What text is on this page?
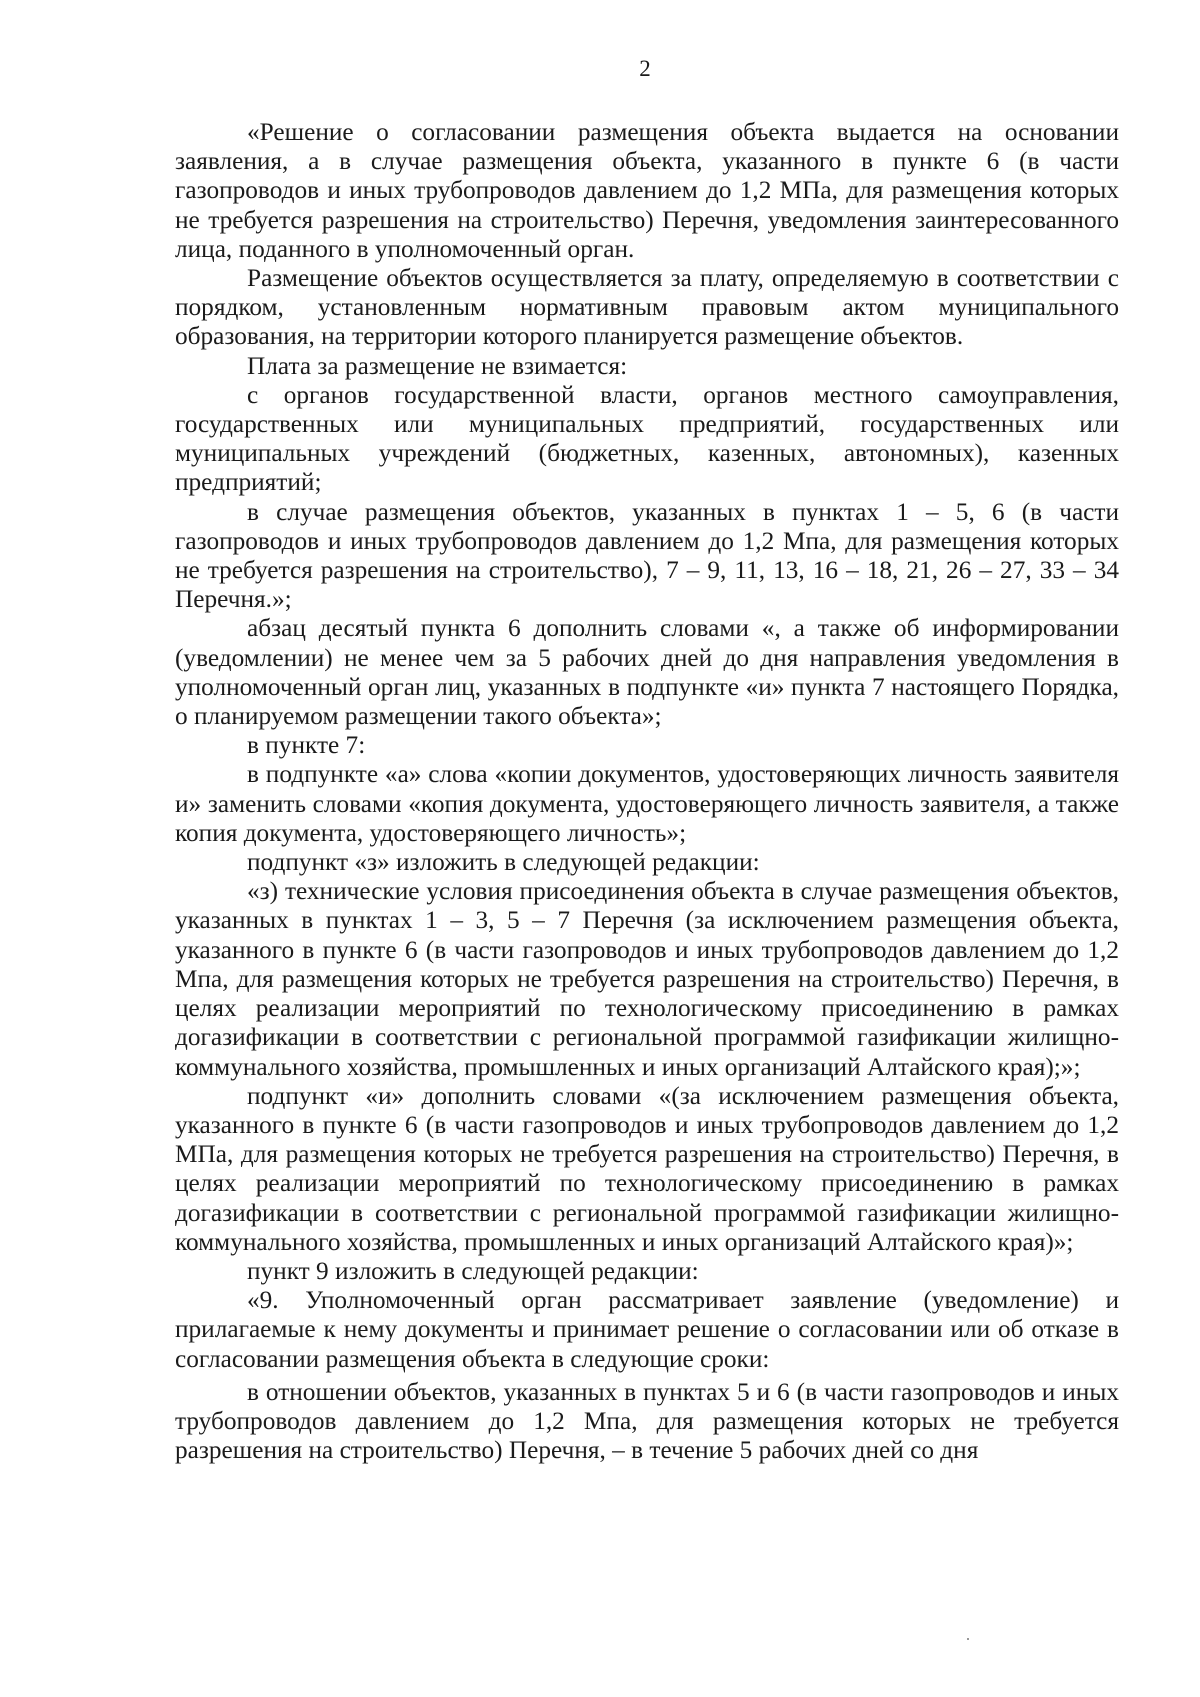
2

«Решение о согласовании размещения объекта выдается на основании заявления, а в случае размещения объекта, указанного в пункте 6 (в части газопроводов и иных трубопроводов давлением до 1,2 МПа, для размещения которых не требуется разрешения на строительство) Перечня, уведомления заинтересованного лица, поданного в уполномоченный орган.

Размещение объектов осуществляется за плату, определяемую в соответствии с порядком, установленным нормативным правовым актом муниципального образования, на территории которого планируется размещение объектов.

Плата за размещение не взимается:

с органов государственной власти, органов местного самоуправления, государственных или муниципальных предприятий, государственных или муниципальных учреждений (бюджетных, казенных, автономных), казенных предприятий;

в случае размещения объектов, указанных в пунктах 1 – 5, 6 (в части газопроводов и иных трубопроводов давлением до 1,2 Мпа, для размещения которых не требуется разрешения на строительство), 7 – 9, 11, 13, 16 – 18, 21, 26 – 27, 33 – 34 Перечня.»;

абзац десятый пункта 6 дополнить словами «, а также об информировании (уведомлении) не менее чем за 5 рабочих дней до дня направления уведомления в уполномоченный орган лиц, указанных в подпункте «и» пункта 7 настоящего Порядка, о планируемом размещении такого объекта»;

в пункте 7:

в подпункте «а» слова «копии документов, удостоверяющих личность заявителя и» заменить словами «копия документа, удостоверяющего личность заявителя, а также копия документа, удостоверяющего личность»;

подпункт «з» изложить в следующей редакции:

«з) технические условия присоединения объекта в случае размещения объектов, указанных в пунктах 1 – 3, 5 – 7 Перечня (за исключением размещения объекта, указанного в пункте 6 (в части газопроводов и иных трубопроводов давлением до 1,2 Мпа, для размещения которых не требуется разрешения на строительство) Перечня, в целях реализации мероприятий по технологическому присоединению в рамках догазификации в соответствии с региональной программой газификации жилищно-коммунального хозяйства, промышленных и иных организаций Алтайского края);»;

подпункт «и» дополнить словами «(за исключением размещения объекта, указанного в пункте 6 (в части газопроводов и иных трубопроводов давлением до 1,2 МПа, для размещения которых не требуется разрешения на строительство) Перечня, в целях реализации мероприятий по технологическому присоединению в рамках догазификации в соответствии с региональной программой газификации жилищно-коммунального хозяйства, промышленных и иных организаций Алтайского края)»;

пункт 9 изложить в следующей редакции:

«9. Уполномоченный орган рассматривает заявление (уведомление) и прилагаемые к нему документы и принимает решение о согласовании или об отказе в согласовании размещения объекта в следующие сроки:

в отношении объектов, указанных в пунктах 5 и 6 (в части газопроводов и иных трубопроводов давлением до 1,2 Мпа, для размещения которых не требуется разрешения на строительство) Перечня, – в течение 5 рабочих дней со дня
